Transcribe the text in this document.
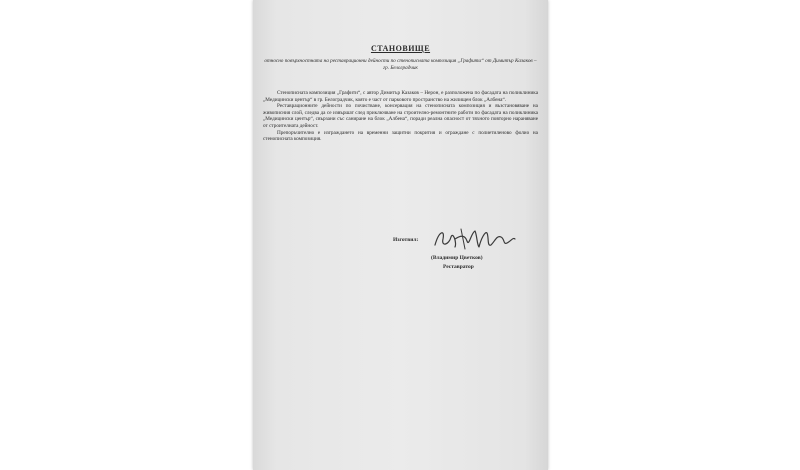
СТАНОВИЩЕ
относно повърхностната на реставрационни дейности по стенописната композиция „Графити“ от Димитър Казаков – гр. Белоградчик

Стенописната композиция „Графити“, с автор Димитър Казаков – Нерон, е разположена по фасадата на поликлиника „Медицински център“ в гр. Белоградчик, която е част от парковото пространство на жилищен блок „Албена“.

Реставрационните дейности по почистване, консервация на стенописната композиция и възстановяване на живописния слой, следва да се извършат след приключване на строително-ремонтните работи по фасадата на поликлиника „Медицински център“, свързани със саниране на блок „Албена“, поради реална опасност от тяхното повторно нараняване от строителната дейност.

Препоръчително е изграждането на временни защитни покрития и ограждане с полиетиленово фолио на стенописната композиция.

Изготвил:
(Владимир Цветков)
Реставратор
